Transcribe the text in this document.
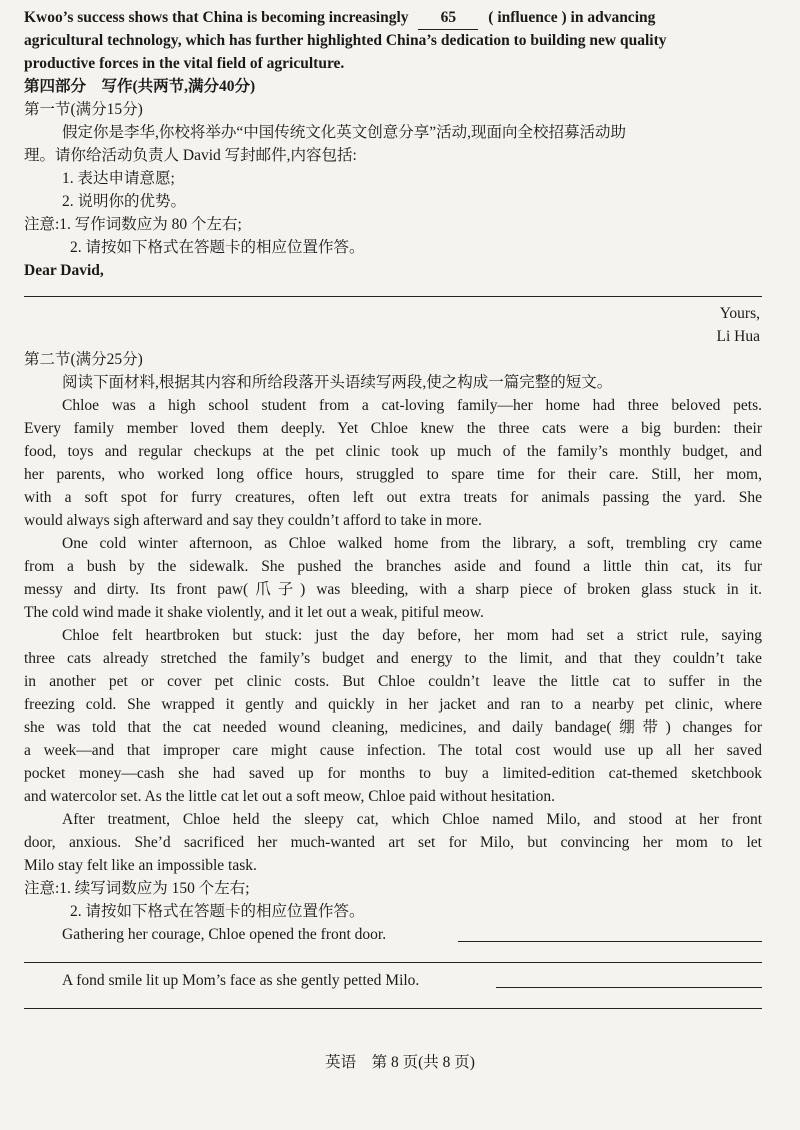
Kwoo’s success shows that China is becoming increasingly 65 ( influence ) in advancing
agricultural technology, which has further highlighted China’s dedication to building new quality
productive forces in the vital field of agriculture.
第四部分　写作(共两节,满分40分)
第一节(满分15分)
假定你是李华,你校将举办“中国传统文化英文创意分享”活动,现面向全校招募活动助
理。请你给活动负责人 David 写封邮件,内容包括:
1. 表达申请意愿;
2. 说明你的优势。
注意:1. 写作词数应为 80 个左右;
2. 请按如下格式在答题卡的相应位置作答。
Dear David,
Yours,
Li Hua
第二节(满分25分)
阅读下面材料,根据其内容和所给段落开头语续写两段,使之构成一篇完整的短文。
Chloe was a high school student from a cat-loving family—her home had three beloved pets.
Every family member loved them deeply. Yet Chloe knew the three cats were a big burden: their
food, toys and regular checkups at the pet clinic took up much of the family’s monthly budget, and
her parents, who worked long office hours, struggled to spare time for their care. Still, her mom,
with a soft spot for furry creatures, often left out extra treats for animals passing the yard. She
would always sigh afterward and say they couldn’t afford to take in more.
One cold winter afternoon, as Chloe walked home from the library, a soft, trembling cry came
from a bush by the sidewalk. She pushed the branches aside and found a little thin cat, its fur
messy and dirty. Its front paw(爪子) was bleeding, with a sharp piece of broken glass stuck in it.
The cold wind made it shake violently, and it let out a weak, pitiful meow.
Chloe felt heartbroken but stuck: just the day before, her mom had set a strict rule, saying
three cats already stretched the family’s budget and energy to the limit, and that they couldn’t take
in another pet or cover pet clinic costs. But Chloe couldn’t leave the little cat to suffer in the
freezing cold. She wrapped it gently and quickly in her jacket and ran to a nearby pet clinic, where
she was told that the cat needed wound cleaning, medicines, and daily bandage(绷带) changes for
a week—and that improper care might cause infection. The total cost would use up all her saved
pocket money—cash she had saved up for months to buy a limited-edition cat-themed sketchbook
and watercolor set. As the little cat let out a soft meow, Chloe paid without hesitation.
After treatment, Chloe held the sleepy cat, which Chloe named Milo, and stood at her front
door, anxious. She’d sacrificed her much-wanted art set for Milo, but convincing her mom to let
Milo stay felt like an impossible task.
注意:1. 续写词数应为 150 个左右;
2. 请按如下格式在答题卡的相应位置作答。
Gathering her courage, Chloe opened the front door.
A fond smile lit up Mom’s face as she gently petted Milo.
英语　第 8 页(共 8 页)
